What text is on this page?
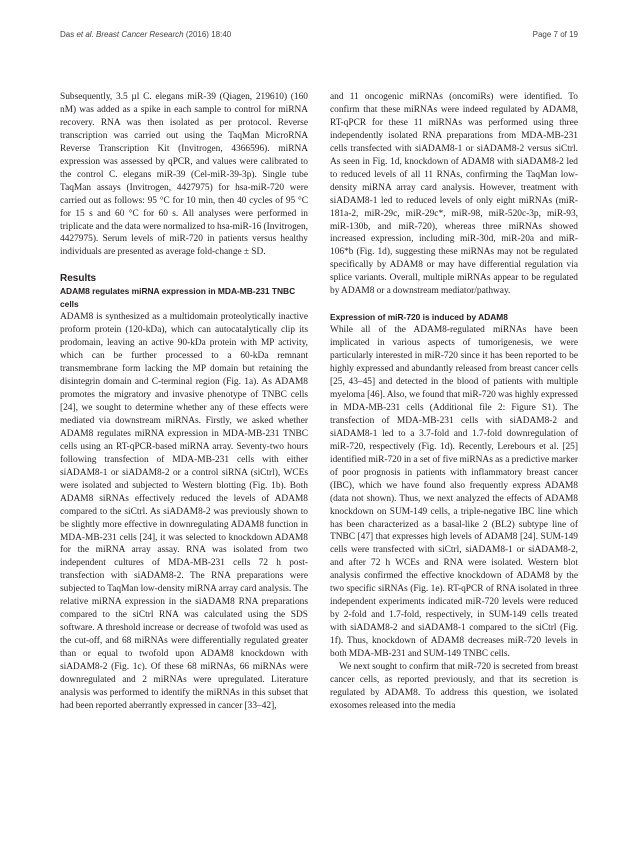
Das et al. Breast Cancer Research (2016) 18:40	Page 7 of 19

Subsequently, 3.5 µl C. elegans miR-39 (Qiagen, 219610) (160 nM) was added as a spike in each sample to control for miRNA recovery. RNA was then isolated as per protocol. Reverse transcription was carried out using the TaqMan MicroRNA Reverse Transcription Kit (Invitrogen, 4366596). miRNA expression was assessed by qPCR, and values were calibrated to the control C. elegans miR-39 (Cel-miR-39-3p). Single tube TaqMan assays (Invitrogen, 4427975) for hsa-miR-720 were carried out as follows: 95 °C for 10 min, then 40 cycles of 95 °C for 15 s and 60 °C for 60 s. All analyses were performed in triplicate and the data were normalized to hsa-miR-16 (Invitrogen, 4427975). Serum levels of miR-720 in patients versus healthy individuals are presented as average fold-change ± SD.

Results
ADAM8 regulates miRNA expression in MDA-MB-231 TNBC cells

ADAM8 is synthesized as a multidomain proteolytically inactive proform protein (120-kDa), which can autocatalytically clip its prodomain, leaving an active 90-kDa protein with MP activity, which can be further processed to a 60-kDa remnant transmembrane form lacking the MP domain but retaining the disintegrin domain and C-terminal region (Fig. 1a). As ADAM8 promotes the migratory and invasive phenotype of TNBC cells [24], we sought to determine whether any of these effects were mediated via downstream miRNAs. Firstly, we asked whether ADAM8 regulates miRNA expression in MDA-MB-231 TNBC cells using an RT-qPCR-based miRNA array. Seventy-two hours following transfection of MDA-MB-231 cells with either siADAM8-1 or siADAM8-2 or a control siRNA (siCtrl), WCEs were isolated and subjected to Western blotting (Fig. 1b). Both ADAM8 siRNAs effectively reduced the levels of ADAM8 compared to the siCtrl. As siADAM8-2 was previously shown to be slightly more effective in downregulating ADAM8 function in MDA-MB-231 cells [24], it was selected to knockdown ADAM8 for the miRNA array assay. RNA was isolated from two independent cultures of MDA-MB-231 cells 72 h post-transfection with siADAM8-2. The RNA preparations were subjected to TaqMan low-density miRNA array card analysis. The relative miRNA expression in the siADAM8 RNA preparations compared to the siCtrl RNA was calculated using the SDS software. A threshold increase or decrease of twofold was used as the cut-off, and 68 miRNAs were differentially regulated greater than or equal to twofold upon ADAM8 knockdown with siADAM8-2 (Fig. 1c). Of these 68 miRNAs, 66 miRNAs were downregulated and 2 miRNAs were upregulated. Literature analysis was performed to identify the miRNAs in this subset that had been reported aberrantly expressed in cancer [33–42],

and 11 oncogenic miRNAs (oncomiRs) were identified. To confirm that these miRNAs were indeed regulated by ADAM8, RT-qPCR for these 11 miRNAs was performed using three independently isolated RNA preparations from MDA-MB-231 cells transfected with siADAM8-1 or siADAM8-2 versus siCtrl. As seen in Fig. 1d, knockdown of ADAM8 with siADAM8-2 led to reduced levels of all 11 RNAs, confirming the TaqMan low-density miRNA array card analysis. However, treatment with siADAM8-1 led to reduced levels of only eight miRNAs (miR-181a-2, miR-29c, miR-29c*, miR-98, miR-520c-3p, miR-93, miR-130b, and miR-720), whereas three miRNAs showed increased expression, including miR-30d, miR-20a and miR-106*b (Fig. 1d), suggesting these miRNAs may not be regulated specifically by ADAM8 or may have differential regulation via splice variants. Overall, multiple miRNAs appear to be regulated by ADAM8 or a downstream mediator/pathway.

Expression of miR-720 is induced by ADAM8

While all of the ADAM8-regulated miRNAs have been implicated in various aspects of tumorigenesis, we were particularly interested in miR-720 since it has been reported to be highly expressed and abundantly released from breast cancer cells [25, 43–45] and detected in the blood of patients with multiple myeloma [46]. Also, we found that miR-720 was highly expressed in MDA-MB-231 cells (Additional file 2: Figure S1). The transfection of MDA-MB-231 cells with siADAM8-2 and siADAM8-1 led to a 3.7-fold and 1.7-fold downregulation of miR-720, respectively (Fig. 1d). Recently, Lerebours et al. [25] identified miR-720 in a set of five miRNAs as a predictive marker of poor prognosis in patients with inflammatory breast cancer (IBC), which we have found also frequently express ADAM8 (data not shown). Thus, we next analyzed the effects of ADAM8 knockdown on SUM-149 cells, a triple-negative IBC line which has been characterized as a basal-like 2 (BL2) subtype line of TNBC [47] that expresses high levels of ADAM8 [24]. SUM-149 cells were transfected with siCtrl, siADAM8-1 or siADAM8-2, and after 72 h WCEs and RNA were isolated. Western blot analysis confirmed the effective knockdown of ADAM8 by the two specific siRNAs (Fig. 1e). RT-qPCR of RNA isolated in three independent experiments indicated miR-720 levels were reduced by 2-fold and 1.7-fold, respectively, in SUM-149 cells treated with siADAM8-2 and siADAM8-1 compared to the siCtrl (Fig. 1f). Thus, knockdown of ADAM8 decreases miR-720 levels in both MDA-MB-231 and SUM-149 TNBC cells.

We next sought to confirm that miR-720 is secreted from breast cancer cells, as reported previously, and that its secretion is regulated by ADAM8. To address this question, we isolated exosomes released into the media
